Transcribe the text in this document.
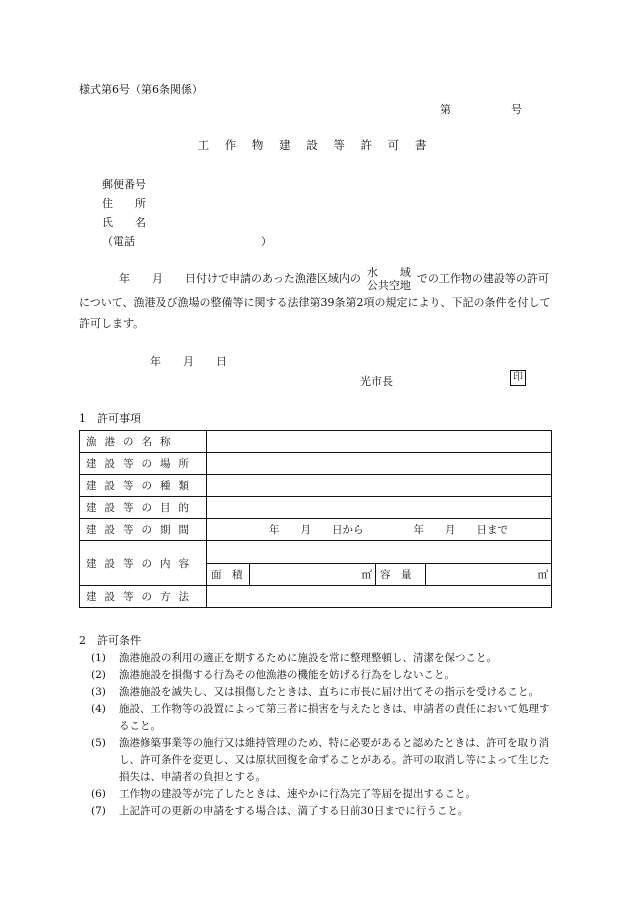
様式第6号（第6条関係）
第	号
工 作 物 建 設 等 許 可 書
郵便番号
住　　所
氏　　名
（電話	）
年　　月　　日付けで申請のあった漁港区域内の 水　　域
公共空地での工作物の建設等の許可について、漁港及び漁場の整備等に関する法律第39条第2項の規定により、下記の条件を付して許可します。
年　　月　　日
光市長	印
1　許可事項
漁港の名称				
建設等の場所				
建設等の種類				
建設等の目的				
建設等の期間	年　　月　　日から 年　　月　　日まで			
建設等の内容				
	面　積	㎡	容　量	㎥
建設等の方法				
2　許可条件
(1)	漁港施設の利用の適正を期するために施設を常に整理整頓し、清潔を保つこと。
(2)	漁港施設を損傷する行為その他漁港の機能を妨げる行為をしないこと。
(3)	漁港施設を滅失し、又は損傷したときは、直ちに市長に届け出てその指示を受けること。
(4)	施設、工作物等の設置によって第三者に損害を与えたときは、申請者の責任において処理すること。
(5)	漁港修築事業等の施行又は維持管理のため、特に必要があると認めたときは、許可を取り消し、許可条件を変更し、又は原状回復を命ずることがある。許可の取消し等によって生じた損失は、申請者の負担とする。
(6)	工作物の建設等が完了したときは、速やかに行為完了等届を提出すること。
(7)	上記許可の更新の申請をする場合は、満了する日前30日までに行うこと。
